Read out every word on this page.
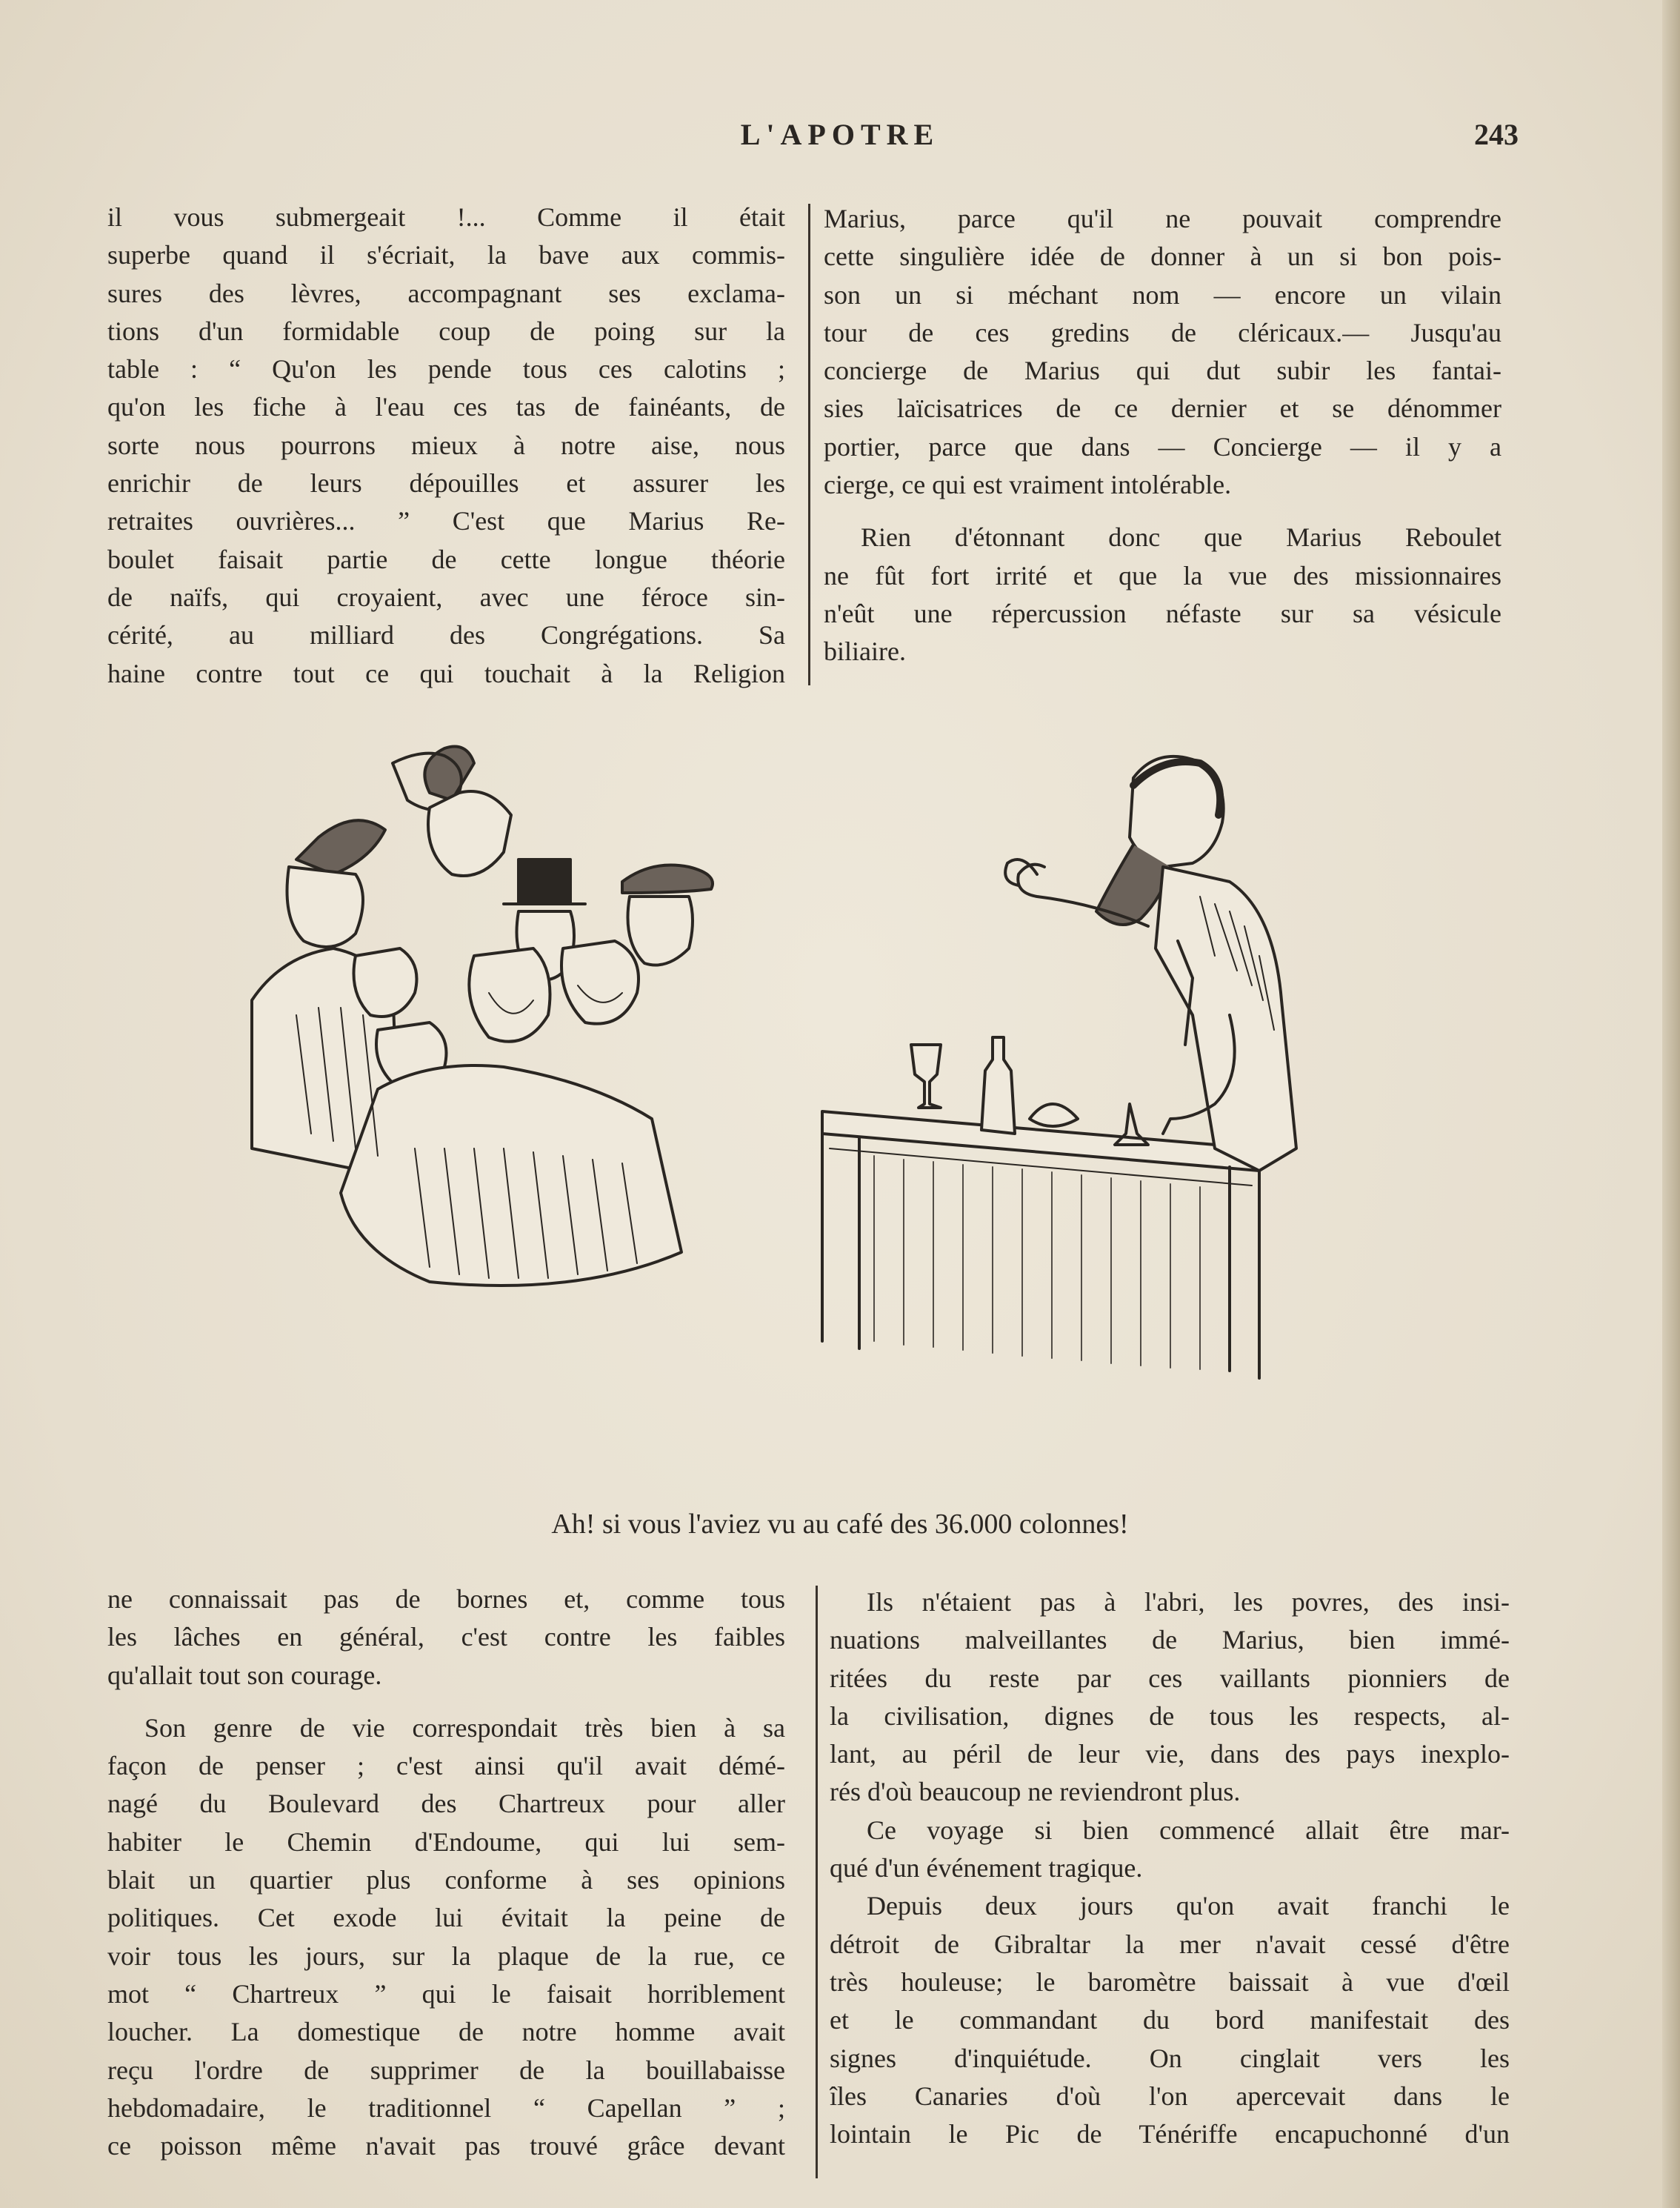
L'APOTRE	243
il vous submergeait !... Comme il était
superbe quand il s'écriait, la bave aux commis-
sures des lèvres, accompagnant ses exclama-
tions d'un formidable coup de poing sur la
table : “ Qu'on les pende tous ces calotins ;
qu'on les fiche à l'eau ces tas de fainéants, de
sorte nous pourrons mieux à notre aise, nous
enrichir de leurs dépouilles et assurer les
retraites ouvrières... ” C'est que Marius Re-
boulet faisait partie de cette longue théorie
de naïfs, qui croyaient, avec une féroce sin-
cérité, au milliard des Congrégations. Sa
haine contre tout ce qui touchait à la Religion
Marius, parce qu'il ne pouvait comprendre
cette singulière idée de donner à un si bon pois-
son un si méchant nom — encore un vilain
tour de ces gredins de cléricaux.— Jusqu'au
concierge de Marius qui dut subir les fantai-
sies laïcisatrices de ce dernier et se dénommer
portier, parce que dans — Concierge — il y a
cierge, ce qui est vraiment intolérable.
Rien d'étonnant donc que Marius Reboulet
ne fût fort irrité et que la vue des missionnaires
n'eût une répercussion néfaste sur sa vésicule
biliaire.
Ah! si vous l'aviez vu au café des 36.000 colonnes!
ne connaissait pas de bornes et, comme tous
les lâches en général, c'est contre les faibles
qu'allait tout son courage.
Son genre de vie correspondait très bien à sa
façon de penser ; c'est ainsi qu'il avait démé-
nagé du Boulevard des Chartreux pour aller
habiter le Chemin d'Endoume, qui lui sem-
blait un quartier plus conforme à ses opinions
politiques. Cet exode lui évitait la peine de
voir tous les jours, sur la plaque de la rue, ce
mot “ Chartreux ” qui le faisait horriblement
loucher. La domestique de notre homme avait
reçu l'ordre de supprimer de la bouillabaisse
hebdomadaire, le traditionnel “ Capellan ” ;
ce poisson même n'avait pas trouvé grâce devant
Ils n'étaient pas à l'abri, les povres, des insi-
nuations malveillantes de Marius, bien immé-
ritées du reste par ces vaillants pionniers de
la civilisation, dignes de tous les respects, al-
lant, au péril de leur vie, dans des pays inexplo-
rés d'où beaucoup ne reviendront plus.
Ce voyage si bien commencé allait être mar-
qué d'un événement tragique.
Depuis deux jours qu'on avait franchi le
détroit de Gibraltar la mer n'avait cessé d'être
très houleuse; le baromètre baissait à vue d'œil
et le commandant du bord manifestait des
signes d'inquiétude. On cinglait vers les
îles Canaries d'où l'on apercevait dans le
lointain le Pic de Ténériffe encapuchonné d'un
